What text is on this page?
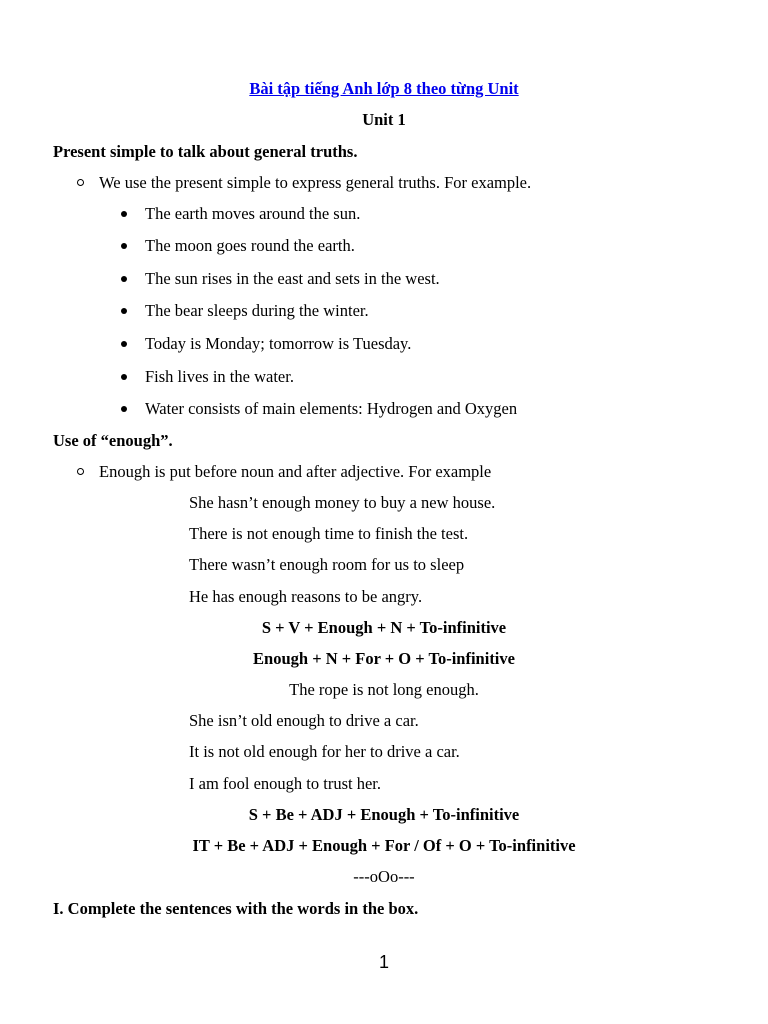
Bài tập tiếng Anh lớp 8 theo từng Unit
Unit 1
Present simple to talk about general truths.
We use the present simple to express general truths. For example.
The earth moves around the sun.
The moon goes round the earth.
The sun rises in the east and sets in the west.
The bear sleeps during the winter.
Today is Monday; tomorrow is Tuesday.
Fish lives in the water.
Water consists of main elements: Hydrogen and Oxygen
Use of “enough”.
Enough is put before noun and after adjective. For example
She hasn’t enough money to buy a new house.
There is not enough time to finish the test.
There wasn’t enough room for us to sleep
He has enough reasons to be angry.
S + V + Enough + N + To-infinitive
Enough + N + For + O + To-infinitive
The rope is not long enough.
She isn’t old enough to drive a car.
It is not old enough for her to drive a car.
I am fool enough to trust her.
S + Be + ADJ + Enough + To-infinitive
IT + Be + ADJ + Enough + For / Of + O + To-infinitive
---oOo---
I. Complete the sentences with the words in the box.
1
